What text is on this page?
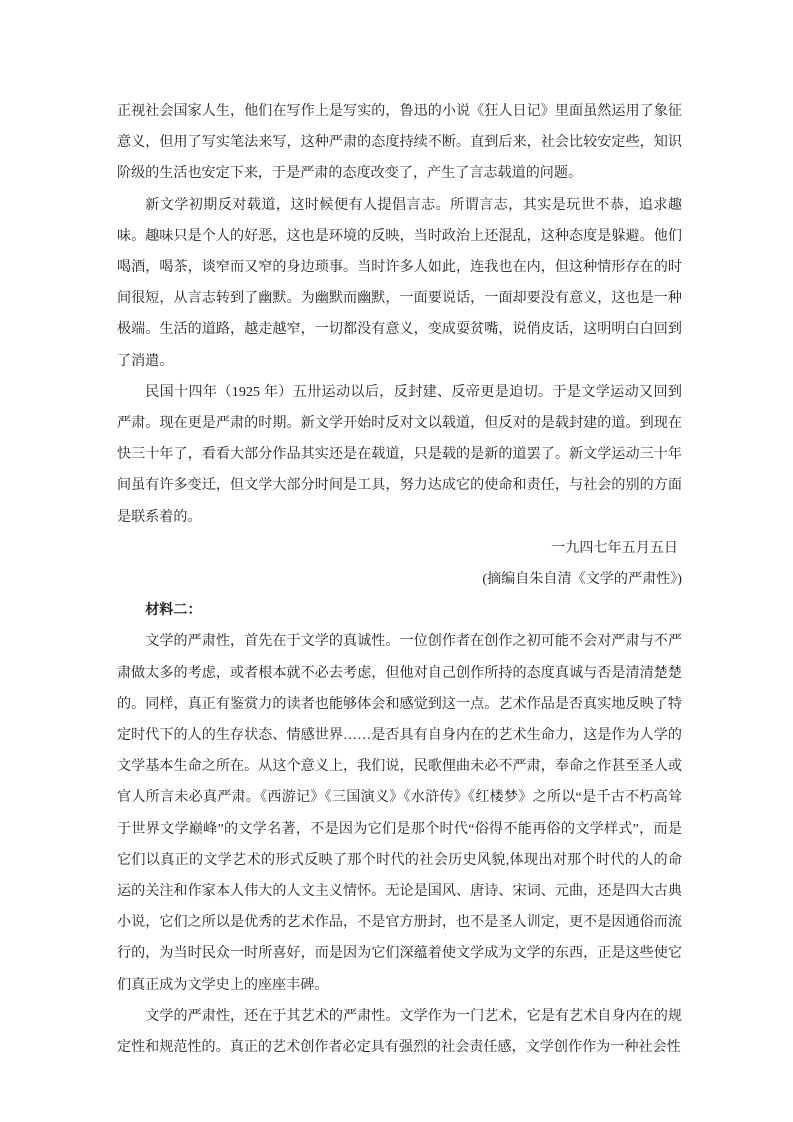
正视社会国家人生，他们在写作上是写实的，鲁迅的小说《狂人日记》里面虽然运用了象征意义，但用了写实笔法来写，这种严肃的态度持续不断。直到后来，社会比较安定些，知识阶级的生活也安定下来，于是严肃的态度改变了，产生了言志载道的问题。

新文学初期反对载道，这时候便有人提倡言志。所谓言志，其实是玩世不恭，追求趣味。趣味只是个人的好恶，这也是环境的反映，当时政治上还混乱，这种态度是躲避。他们喝酒，喝茶，谈窄而又窄的身边琐事。当时许多人如此，连我也在内，但这种情形存在的时间很短，从言志转到了幽默。为幽默而幽默，一面要说话，一面却要没有意义，这也是一种极端。生活的道路，越走越窄，一切都没有意义，变成耍贫嘴，说俏皮话，这明明白白回到了消遣。

民国十四年（1925 年）五卅运动以后，反封建、反帝更是迫切。于是文学运动又回到严肃。现在更是严肃的时期。新文学开始时反对文以载道，但反对的是载封建的道。到现在快三十年了，看看大部分作品其实还是在载道，只是载的是新的道罢了。新文学运动三十年间虽有许多变迁，但文学大部分时间是工具，努力达成它的使命和责任，与社会的别的方面是联系着的。

一九四七年五月五日

(摘编自朱自清《文学的严肃性》)

材料二：

文学的严肃性，首先在于文学的真诚性。一位创作者在创作之初可能不会对严肃与不严肃做太多的考虑，或者根本就不必去考虑，但他对自己创作所持的态度真诚与否是清清楚楚的。同样，真正有鉴赏力的读者也能够体会和感觉到这一点。艺术作品是否真实地反映了特定时代下的人的生存状态、情感世界……是否具有自身内在的艺术生命力，这是作为人学的文学基本生命之所在。从这个意义上，我们说，民歌俚曲未必不严肃，奉命之作甚至圣人或官人所言未必真严肃。《西游记》《三国演义》《水浒传》《红楼梦》之所以“是千古不朽高耸于世界文学巅峰”的文学名著，不是因为它们是那个时代“俗得不能再俗的文学样式”，而是它们以真正的文学艺术的形式反映了那个时代的社会历史风貌,体现出对那个时代的人的命运的关注和作家本人伟大的人文主义情怀。无论是国风、唐诗、宋词、元曲，还是四大古典小说，它们之所以是优秀的艺术作品，不是官方册封，也不是圣人训定，更不是因通俗而流行的，为当时民众一时所喜好，而是因为它们深蕴着使文学成为文学的东西，正是这些使它们真正成为文学史上的座座丰碑。

文学的严肃性，还在于其艺术的严肃性。文学作为一门艺术，它是有艺术自身内在的规定性和规范性的。真正的艺术创作者必定具有强烈的社会责任感，文学创作作为一种社会性
